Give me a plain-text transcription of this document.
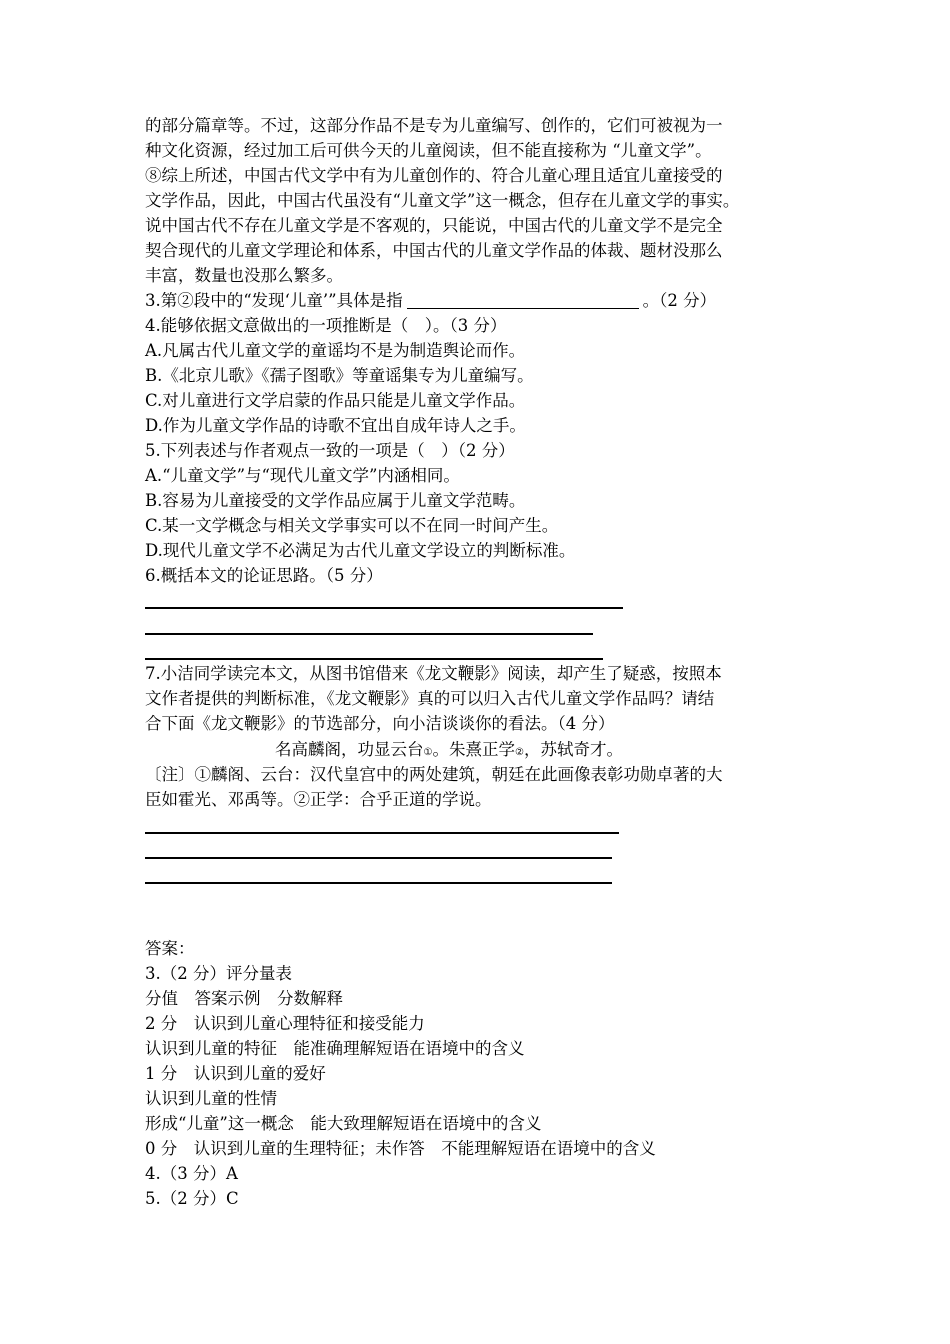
的部分篇章等。不过，这部分作品不是专为儿童编写、创作的，它们可被视为一
种文化资源，经过加工后可供今天的儿童阅读，但不能直接称为 “儿童文学”。
⑧综上所述，中国古代文学中有为儿童创作的、符合儿童心理且适宜儿童接受的
文学作品，因此，中国古代虽没有“儿童文学”这一概念，但存在儿童文学的事实。
说中国古代不存在儿童文学是不客观的，只能说，中国古代的儿童文学不是完全
契合现代的儿童文学理论和体系，中国古代的儿童文学作品的体裁、题材没那么
丰富，数量也没那么繁多。
3.第②段中的“发现‘儿童’”具体是指	。（2 分）
4.能够依据文意做出的一项推断是（　）。（3 分）
A.凡属古代儿童文学的童谣均不是为制造舆论而作。
B.《北京儿歌》《孺子图歌》等童谣集专为儿童编写。
C.对儿童进行文学启蒙的作品只能是儿童文学作品。
D.作为儿童文学作品的诗歌不宜出自成年诗人之手。
5.下列表述与作者观点一致的一项是（　）（2 分）
A.“儿童文学”与“现代儿童文学”内涵相同。
B.容易为儿童接受的文学作品应属于儿童文学范畴。
C.某一文学概念与相关文学事实可以不在同一时间产生。
D.现代儿童文学不必满足为古代儿童文学设立的判断标准。
6.概括本文的论证思路。（5 分）
7.小洁同学读完本文，从图书馆借来《龙文鞭影》阅读，却产生了疑惑，按照本
文作者提供的判断标准，《龙文鞭影》真的可以归入古代儿童文学作品吗？请结
合下面《龙文鞭影》的节选部分，向小洁谈谈你的看法。（4 分）
名高麟阁，功显云台①。朱熹正学②，苏轼奇才。
〔注〕①麟阁、云台：汉代皇宫中的两处建筑，朝廷在此画像表彰功勋卓著的大
臣如霍光、邓禹等。②正学：合乎正道的学说。
答案：
3.（2 分）评分量表
分值　答案示例　分数解释
2 分　认识到儿童心理特征和接受能力
认识到儿童的特征　能准确理解短语在语境中的含义
1 分　认识到儿童的爱好
认识到儿童的性情
形成“儿童”这一概念　能大致理解短语在语境中的含义
0 分　认识到儿童的生理特征；未作答　不能理解短语在语境中的含义
4.（3 分）A
5.（2 分）C
